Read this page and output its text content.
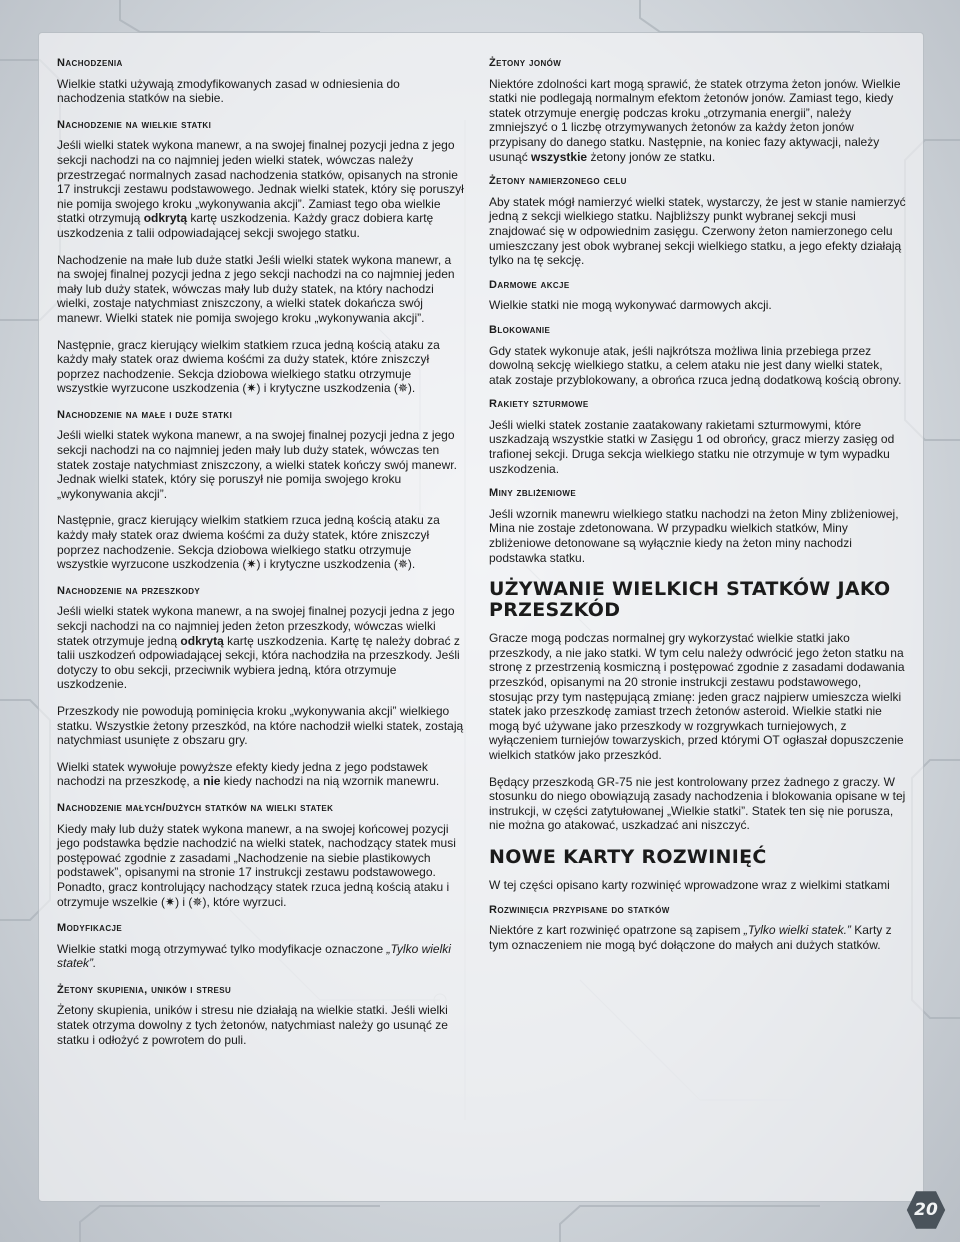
Nachodzenia

Wielkie statki używają zmodyfikowanych zasad w odniesienia do nachodzenia statków na siebie.

Nachodzenie na wielkie statki

Jeśli wielki statek wykona manewr, a na swojej finalnej pozycji jedna z jego sekcji nachodzi na co najmniej jeden wielki statek, wówczas należy przestrzegać normalnych zasad nachodzenia statków, opisanych na stronie 17 instrukcji zestawu podstawowego. Jednak wielki statek, który się poruszył nie pomija swojego kroku „wykonywania akcji”. Zamiast tego oba wielkie statki otrzymują odkrytą kartę uszkodzenia. Każdy gracz dobiera kartę uszkodzenia z talii odpowiadającej sekcji swojego statku.

Nachodzenie na małe lub duże statki Jeśli wielki statek wykona manewr, a na swojej finalnej pozycji jedna z jego sekcji nachodzi na co najmniej jeden mały lub duży statek, wówczas mały lub duży statek, na który nachodzi wielki, zostaje natychmiast zniszczony, a wielki statek dokańcza swój manewr. Wielki statek nie pomija swojego kroku „wykonywania akcji”.

Następnie, gracz kierujący wielkim statkiem rzuca jedną kością ataku za każdy mały statek oraz dwiema kośćmi za duży statek, które zniszczył poprzez nachodzenie. Sekcja dziobowa wielkiego statku otrzymuje wszystkie wyrzucone uszkodzenia (✷) i krytyczne uszkodzenia (✵).

Nachodzenie na małe i duże statki

Jeśli wielki statek wykona manewr, a na swojej finalnej pozycji jedna z jego sekcji nachodzi na co najmniej jeden mały lub duży statek, wówczas ten statek zostaje natychmiast zniszczony, a wielki statek kończy swój manewr. Jednak wielki statek, który się poruszył nie pomija swojego kroku „wykonywania akcji”.

Następnie, gracz kierujący wielkim statkiem rzuca jedną kością ataku za każdy mały statek oraz dwiema kośćmi za duży statek, które zniszczył poprzez nachodzenie. Sekcja dziobowa wielkiego statku otrzymuje wszystkie wyrzucone uszkodzenia (✷) i krytyczne uszkodzenia (✵).

Nachodzenie na przeszkody

Jeśli wielki statek wykona manewr, a na swojej finalnej pozycji jedna z jego sekcji nachodzi na co najmniej jeden żeton przeszkody, wówczas wielki statek otrzymuje jedną odkrytą kartę uszkodzenia. Kartę tę należy dobrać z talii uszkodzeń odpowiadającej sekcji, która nachodziła na przeszkody. Jeśli dotyczy to obu sekcji, przeciwnik wybiera jedną, która otrzymuje uszkodzenie.

Przeszkody nie powodują pominięcia kroku „wykonywania akcji” wielkiego statku. Wszystkie żetony przeszkód, na które nachodził wielki statek, zostają natychmiast usunięte z obszaru gry.

Wielki statek wywołuje powyższe efekty kiedy jedna z jego podstawek nachodzi na przeszkodę, a nie kiedy nachodzi na nią wzornik manewru.

Nachodzenie małych/dużych statków na wielki statek

Kiedy mały lub duży statek wykona manewr, a na swojej końcowej pozycji jego podstawka będzie nachodzić na wielki statek, nachodzący statek musi postępować zgodnie z zasadami „Nachodzenie na siebie plastikowych podstawek”, opisanymi na stronie 17 instrukcji zestawu podstawowego. Ponadto, gracz kontrolujący nachodzący statek rzuca jedną kością ataku i otrzymuje wszelkie (✷) i (✵), które wyrzuci.

Modyfikacje

Wielkie statki mogą otrzymywać tylko modyfikacje oznaczone „Tylko wielki statek”.

Żetony skupienia, uników i stresu

Żetony skupienia, uników i stresu nie działają na wielkie statki. Jeśli wielki statek otrzyma dowolny z tych żetonów, natychmiast należy go usunąć ze statku i odłożyć z powrotem do puli.

Żetony jonów

Niektóre zdolności kart mogą sprawić, że statek otrzyma żeton jonów. Wielkie statki nie podlegają normalnym efektom żetonów jonów. Zamiast tego, kiedy statek otrzymuje energię podczas kroku „otrzymania energii”, należy zmniejszyć o 1 liczbę otrzymywanych żetonów za każdy żeton jonów przypisany do danego statku. Następnie, na koniec fazy aktywacji, należy usunąć wszystkie żetony jonów ze statku.

Żetony namierzonego celu

Aby statek mógł namierzyć wielki statek, wystarczy, że jest w stanie namierzyć jedną z sekcji wielkiego statku. Najbliższy punkt wybranej sekcji musi znajdować się w odpowiednim zasięgu. Czerwony żeton namierzonego celu umieszczany jest obok wybranej sekcji wielkiego statku, a jego efekty działają tylko na tę sekcję.

Darmowe akcje

Wielkie statki nie mogą wykonywać darmowych akcji.

Blokowanie

Gdy statek wykonuje atak, jeśli najkrótsza możliwa linia przebiega przez dowolną sekcję wielkiego statku, a celem ataku nie jest dany wielki statek, atak zostaje przyblokowany, a obrońca rzuca jedną dodatkową kością obrony.

Rakiety szturmowe

Jeśli wielki statek zostanie zaatakowany rakietami szturmowymi, które uszkadzają wszystkie statki w Zasięgu 1 od obrońcy, gracz mierzy zasięg od trafionej sekcji. Druga sekcja wielkiego statku nie otrzymuje w tym wypadku uszkodzenia.

Miny zbliżeniowe

Jeśli wzornik manewru wielkiego statku nachodzi na żeton Miny zbliżeniowej, Mina nie zostaje zdetonowana. W przypadku wielkich statków, Miny zbliżeniowe detonowane są wyłącznie kiedy na żeton miny nachodzi podstawka statku.

UŻYWANIE WIELKICH STATKÓW JAKO PRZESZKÓD

Gracze mogą podczas normalnej gry wykorzystać wielkie statki jako przeszkody, a nie jako statki. W tym celu należy odwrócić jego żeton statku na stronę z przestrzenią kosmiczną i postępować zgodnie z zasadami dodawania przeszkód, opisanymi na 20 stronie instrukcji zestawu podstawowego, stosując przy tym następującą zmianę: jeden gracz najpierw umieszcza wielki statek jako przeszkodę zamiast trzech żetonów asteroid. Wielkie statki nie mogą być używane jako przeszkody w rozgrywkach turniejowych, z wyłączeniem turniejów towarzyskich, przed którymi OT ogłaszał dopuszczenie wielkich statków jako przeszkód.

Będący przeszkodą GR-75 nie jest kontrolowany przez żadnego z graczy. W stosunku do niego obowiązują zasady nachodzenia i blokowania opisane w tej instrukcji, w części zatytułowanej „Wielkie statki”. Statek ten się nie porusza, nie można go atakować, uszkadzać ani niszczyć.

NOWE KARTY ROZWINIĘĆ

W tej części opisano karty rozwinięć wprowadzone wraz z wielkimi statkami

Rozwinięcia przypisane do statków

Niektóre z kart rozwinięć opatrzone są zapisem „Tylko wielki statek.” Karty z tym oznaczeniem nie mogą być dołączone do małych ani dużych statków.

20
